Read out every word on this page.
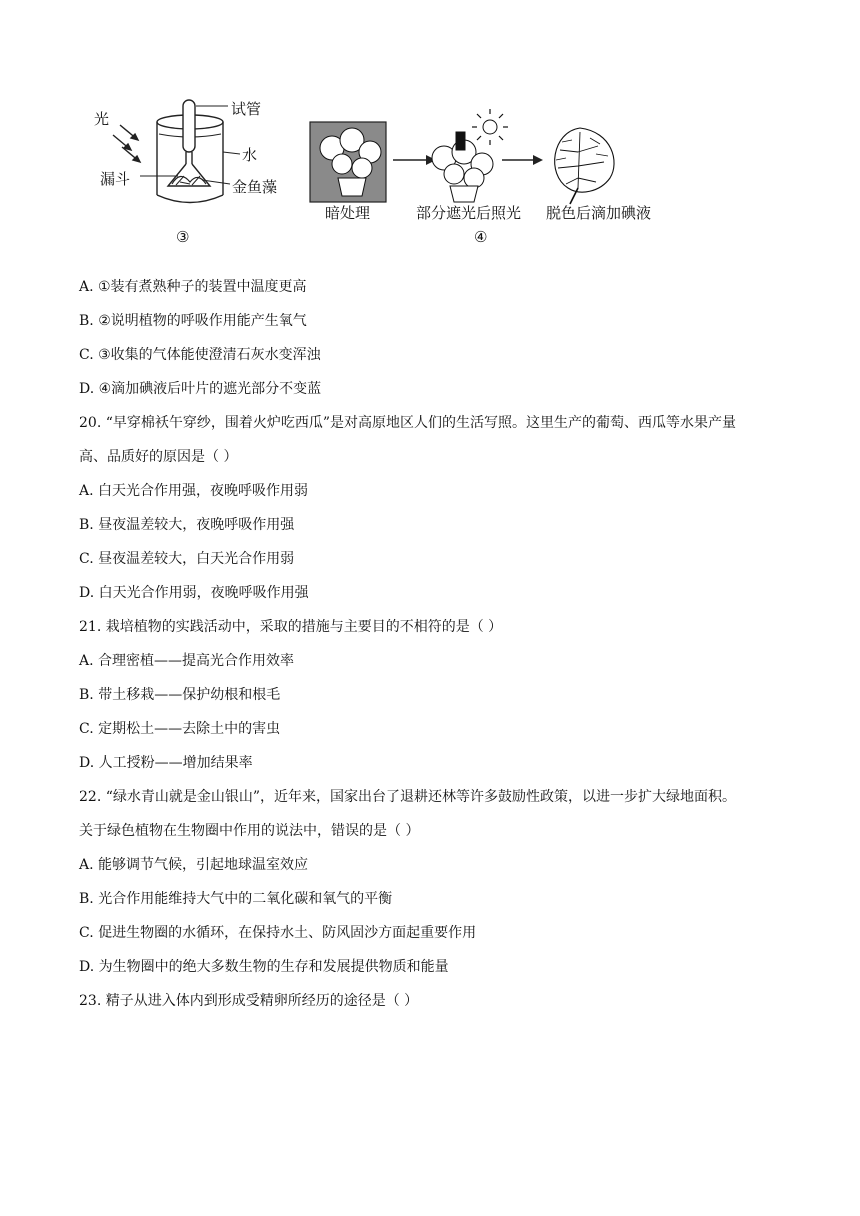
光
试管
水
漏斗	金鱼藻
③
暗处理	部分遮光后照光 脱色后滴加碘液
④
A. ①装有煮熟种子的装置中温度更高
B. ②说明植物的呼吸作用能产生氧气
C. ③收集的气体能使澄清石灰水变浑浊
D. ④滴加碘液后叶片的遮光部分不变蓝
20. “早穿棉袄午穿纱，围着火炉吃西瓜”是对高原地区人们的生活写照。这里生产的葡萄、西瓜等水果产量
高、品质好的原因是（ ）
A. 白天光合作用强，夜晚呼吸作用弱
B. 昼夜温差较大，夜晚呼吸作用强
C. 昼夜温差较大，白天光合作用弱
D. 白天光合作用弱，夜晚呼吸作用强
21. 栽培植物的实践活动中，采取的措施与主要目的不相符的是（ ）
A. 合理密植——提高光合作用效率
B. 带土移栽——保护幼根和根毛
C. 定期松土——去除土中的害虫
D. 人工授粉——增加结果率
22. “绿水青山就是金山银山”，近年来，国家出台了退耕还林等许多鼓励性政策，以进一步扩大绿地面积。
关于绿色植物在生物圈中作用的说法中，错误的是（ ）
A. 能够调节气候，引起地球温室效应
B. 光合作用能维持大气中的二氧化碳和氧气的平衡
C. 促进生物圈的水循环，在保持水土、防风固沙方面起重要作用
D. 为生物圈中的绝大多数生物的生存和发展提供物质和能量
23. 精子从进入体内到形成受精卵所经历的途径是（ ）
